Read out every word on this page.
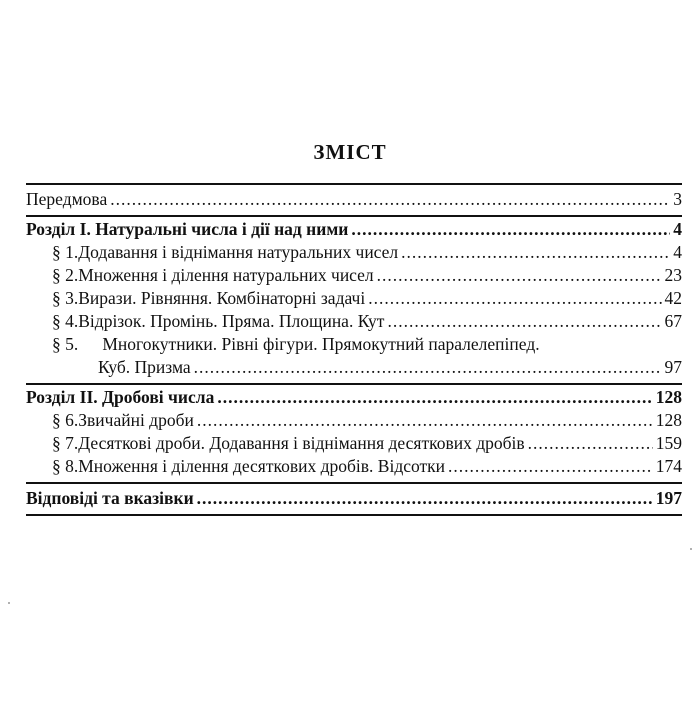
ЗМІСТ
Передмова .....	3
Розділ І. Натуральні числа і дії над ними .....	4
§ 1. Додавання і віднімання натуральних чисел .....	4
§ 2. Множення і ділення натуральних чисел .....	23
§ 3. Вирази. Рівняння. Комбінаторні задачі .....	42
§ 4. Відрізок. Промінь. Пряма. Площина. Кут .....	67
§ 5. Многокутники. Рівні фігури. Прямокутний паралелепіпед.
Куб. Призма .....	97
Розділ ІІ. Дробові числа .....	128
§ 6. Звичайні дроби .....	128
§ 7. Десяткові дроби. Додавання і віднімання десяткових дробів .....	159
§ 8. Множення і ділення десяткових дробів. Відсотки .....	174
Відповіді та вказівки .....	197
